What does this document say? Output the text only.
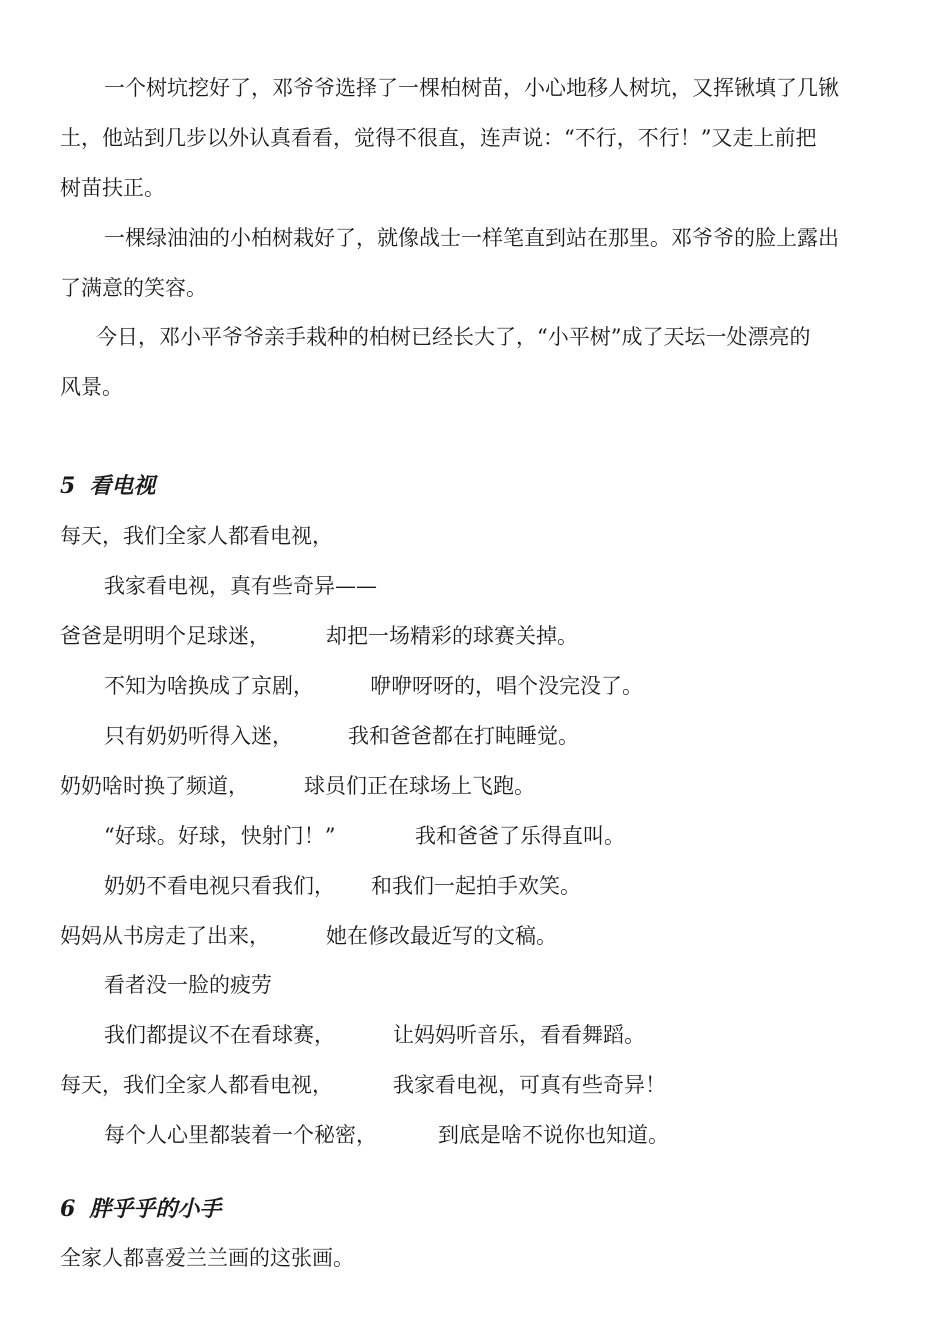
一个树坑挖好了，邓爷爷选择了一棵柏树苗，小心地移人树坑，又挥锹填了几锹
土，他站到几步以外认真看看，觉得不很直，连声说：“不行，不行！”又走上前把
树苗扶正。
一棵绿油油的小柏树栽好了，就像战士一样笔直到站在那里。邓爷爷的脸上露出
了满意的笑容。
今日，邓小平爷爷亲手栽种的柏树已经长大了，“小平树”成了天坛一处漂亮的
风景。
5 看电视
每天，我们全家人都看电视，
我家看电视，真有些奇异——
爸爸是明明个足球迷，	却把一场精彩的球赛关掉。
不知为啥换成了京剧，	咿咿呀呀的，唱个没完没了。
只有奶奶听得入迷，	我和爸爸都在打盹睡觉。
奶奶啥时换了频道，	球员们正在球场上飞跑。
“好球。好球，快射门！”	我和爸爸了乐得直叫。
奶奶不看电视只看我们， 和我们一起拍手欢笑。
妈妈从书房走了出来，	她在修改最近写的文稿。
看者没一脸的疲劳
我们都提议不在看球赛，	让妈妈听音乐，看看舞蹈。
每天，我们全家人都看电视，	我家看电视，可真有些奇异！
每个人心里都装着一个秘密，	到底是啥不说你也知道。
6 胖乎乎的小手
全家人都喜爱兰兰画的这张画。
